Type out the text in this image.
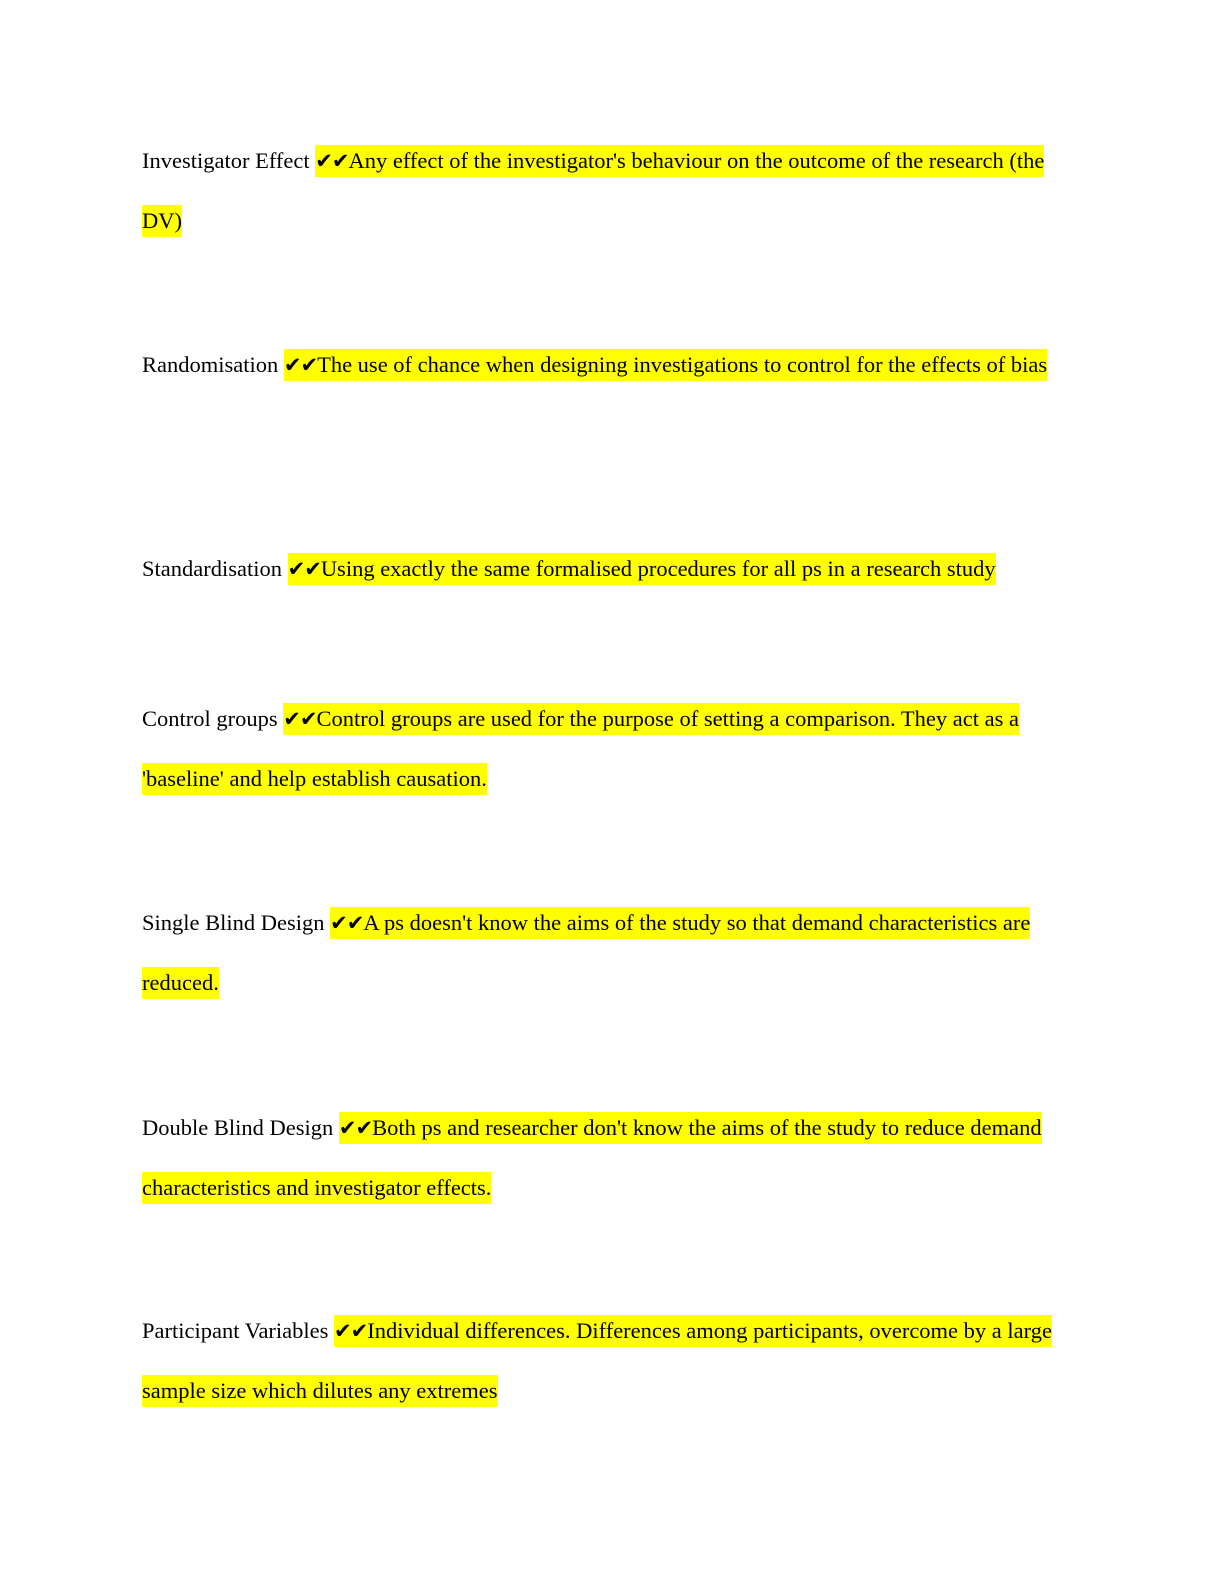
Investigator Effect ✔✔Any effect of the investigator's behaviour on the outcome of the research (the DV)

Randomisation ✔✔The use of chance when designing investigations to control for the effects of bias

Standardisation ✔✔Using exactly the same formalised procedures for all ps in a research study

Control groups ✔✔Control groups are used for the purpose of setting a comparison. They act as a 'baseline' and help establish causation.

Single Blind Design ✔✔A ps doesn't know the aims of the study so that demand characteristics are reduced.

Double Blind Design ✔✔Both ps and researcher don't know the aims of the study to reduce demand characteristics and investigator effects.

Participant Variables ✔✔Individual differences. Differences among participants, overcome by a large sample size which dilutes any extremes
